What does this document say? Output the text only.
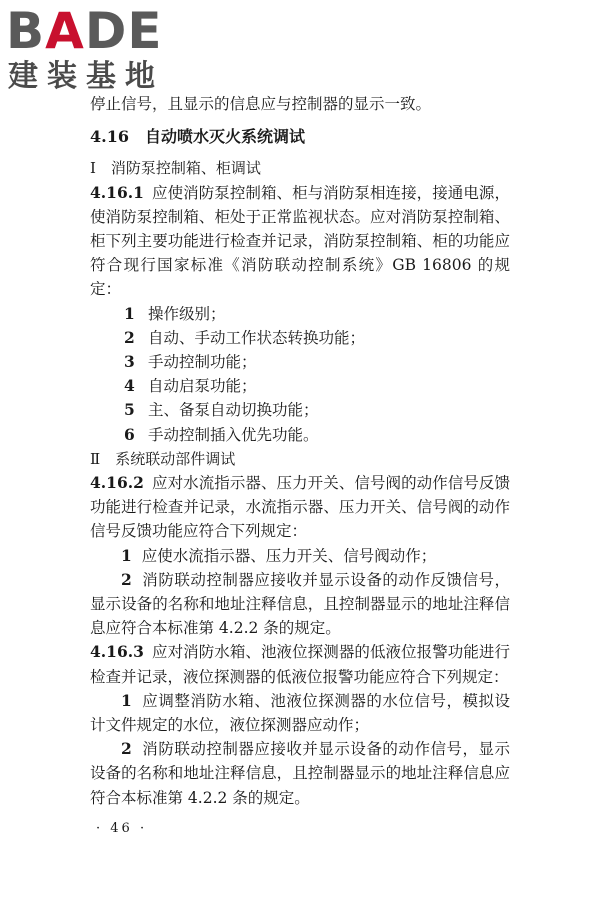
BADE
建装基地

停止信号，且显示的信息应与控制器的显示一致。

4.16　自动喷水灭火系统调试

Ⅰ　消防泵控制箱、柜调试

4.16.1 应使消防泵控制箱、柜与消防泵相连接，接通电源，使消防泵控制箱、柜处于正常监视状态。应对消防泵控制箱、柜下列主要功能进行检查并记录，消防泵控制箱、柜的功能应符合现行国家标准《消防联动控制系统》GB 16806 的规定：

1 操作级别；

2 自动、手动工作状态转换功能；

3 手动控制功能；

4 自动启泵功能；

5 主、备泵自动切换功能；

6 手动控制插入优先功能。

Ⅱ　系统联动部件调试

4.16.2 应对水流指示器、压力开关、信号阀的动作信号反馈功能进行检查并记录，水流指示器、压力开关、信号阀的动作信号反馈功能应符合下列规定：

1 应使水流指示器、压力开关、信号阀动作；

2 消防联动控制器应接收并显示设备的动作反馈信号，显示设备的名称和地址注释信息，且控制器显示的地址注释信息应符合本标准第 4.2.2 条的规定。

4.16.3 应对消防水箱、池液位探测器的低液位报警功能进行检查并记录，液位探测器的低液位报警功能应符合下列规定：

1 应调整消防水箱、池液位探测器的水位信号，模拟设计文件规定的水位，液位探测器应动作；

2 消防联动控制器应接收并显示设备的动作信号，显示设备的名称和地址注释信息，且控制器显示的地址注释信息应符合本标准第 4.2.2 条的规定。

· 46 ·
